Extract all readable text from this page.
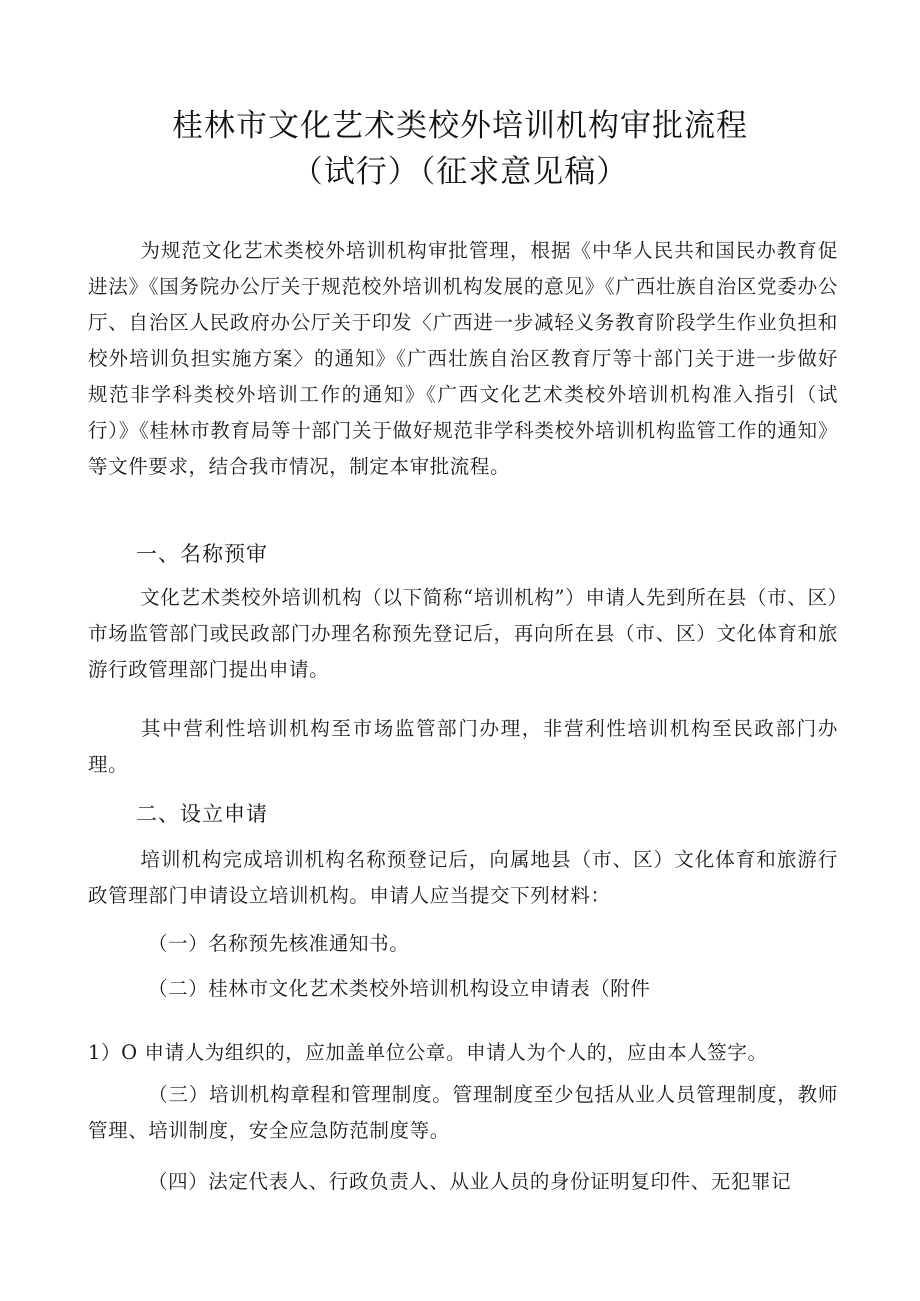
桂林市文化艺术类校外培训机构审批流程
（试行）（征求意见稿）
为规范文化艺术类校外培训机构审批管理，根据《中华人民共和国民办教育促进法》《国务院办公厅关于规范校外培训机构发展的意见》《广西壮族自治区党委办公厅、自治区人民政府办公厅关于印发〈广西进一步减轻义务教育阶段学生作业负担和校外培训负担实施方案〉的通知》《广西壮族自治区教育厅等十部门关于进一步做好规范非学科类校外培训工作的通知》《广西文化艺术类校外培训机构准入指引（试行）》《桂林市教育局等十部门关于做好规范非学科类校外培训机构监管工作的通知》等文件要求，结合我市情况，制定本审批流程。
一、名称预审
文化艺术类校外培训机构（以下简称“培训机构”）申请人先到所在县（市、区）市场监管部门或民政部门办理名称预先登记后，再向所在县（市、区）文化体育和旅游行政管理部门提出申请。
其中营利性培训机构至市场监管部门办理，非营利性培训机构至民政部门办理。
二、设立申请
培训机构完成培训机构名称预登记后，向属地县（市、区）文化体育和旅游行政管理部门申请设立培训机构。申请人应当提交下列材料：
（一）名称预先核准通知书。
（二）桂林市文化艺术类校外培训机构设立申请表（附件
1）O 申请人为组织的，应加盖单位公章。申请人为个人的，应由本人签字。
（三）培训机构章程和管理制度。管理制度至少包括从业人员管理制度，教师管理、培训制度，安全应急防范制度等。
（四）法定代表人、行政负责人、从业人员的身份证明复印件、无犯罪记
